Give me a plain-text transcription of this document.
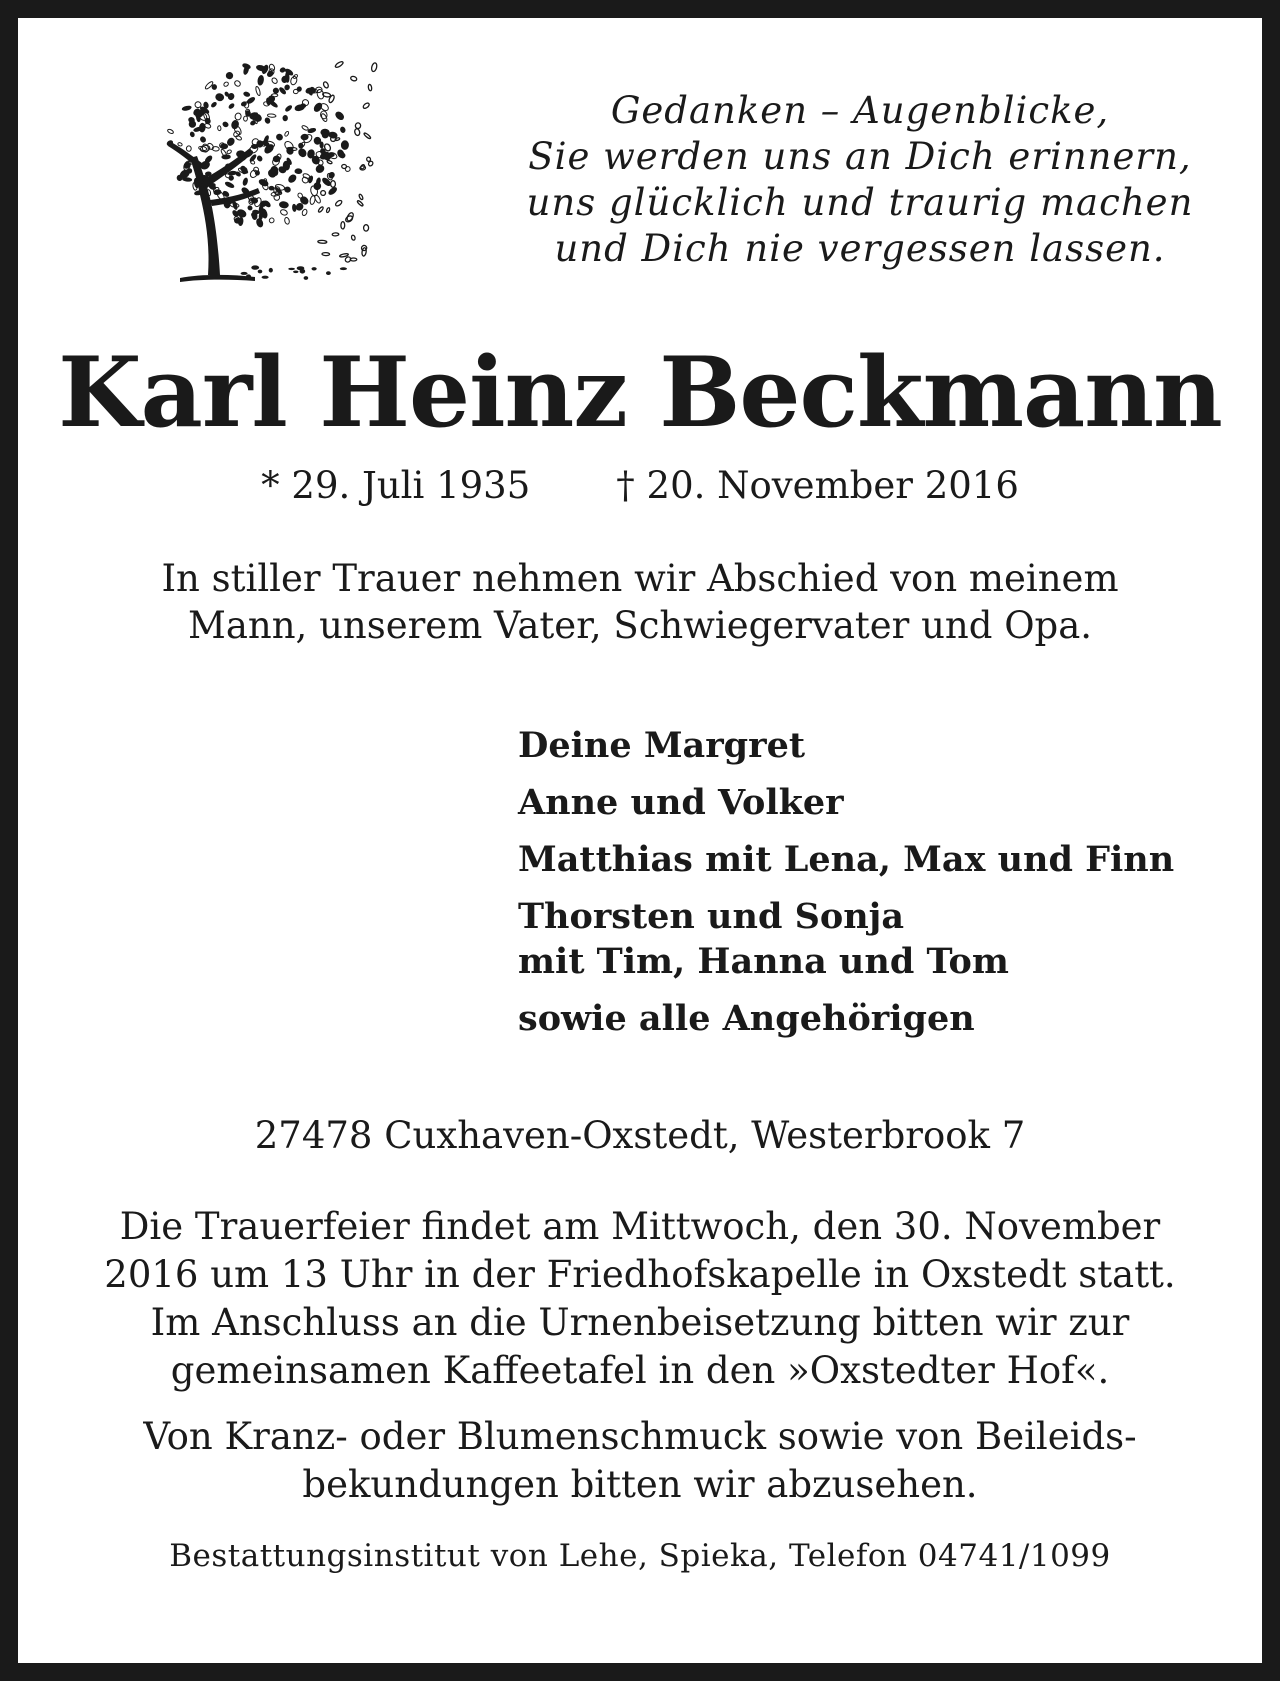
Gedanken – Augenblicke,
Sie werden uns an Dich erinnern,
uns glücklich und traurig machen
und Dich nie vergessen lassen.
Karl Heinz Beckmann
* 29. Juli 1935 † 20. November 2016
In stiller Trauer nehmen wir Abschied von meinem
Mann, unserem Vater, Schwiegervater und Opa.
Deine Margret
Anne und Volker
Matthias mit Lena, Max und Finn
Thorsten und Sonja
mit Tim, Hanna und Tom
sowie alle Angehörigen
27478 Cuxhaven-Oxstedt, Westerbrook 7
Die Trauerfeier findet am Mittwoch, den 30. November
2016 um 13 Uhr in der Friedhofskapelle in Oxstedt statt.
Im Anschluss an die Urnenbeisetzung bitten wir zur
gemeinsamen Kaffeetafel in den »Oxstedter Hof«.
Von Kranz- oder Blumenschmuck sowie von Beileids-
bekundungen bitten wir abzusehen.
Bestattungsinstitut von Lehe, Spieka, Telefon 04741/1099
